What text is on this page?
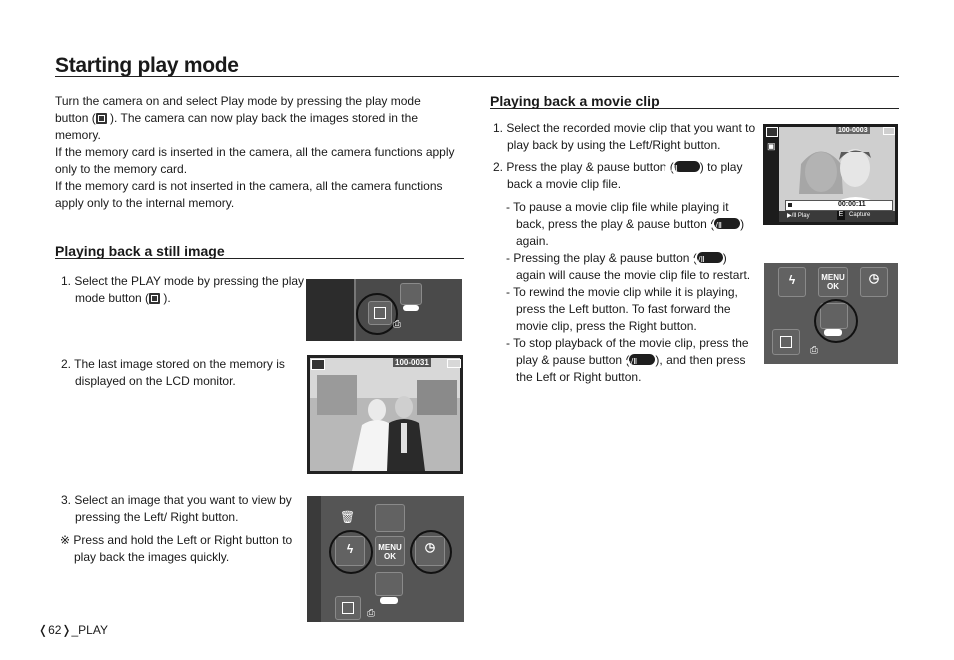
Starting play mode

Turn the camera on and select Play mode by pressing the play mode button ( ). The camera can now play back the images stored in the memory.

If the memory card is inserted in the camera, all the camera functions apply only to the memory card.

If the memory card is not inserted in the camera, all the camera functions apply only to the internal memory.

Playing back a still image

1. Select the PLAY mode by pressing the play mode button ( ).

2. The last image stored on the memory is displayed on the LCD monitor.

3. Select an image that you want to view by pressing the Left/ Right button.

※ Press and hold the Left or Right button to play back the images quickly.

⎙
100-0031
🗑
ϟ	MENU OK
◷
⎙
Playing back a movie clip

1. Select the recorded movie clip that you want to play back by using the Left/Right button.

2. Press the play & pause button ( ▶/Ⅱ ) to play back a movie clip file.

- To pause a movie clip file while playing it back, press the play & pause button ( ▶/Ⅱ ) again.

- Pressing the play & pause button ( ▶/Ⅱ ) again will cause the movie clip file to restart.

- To rewind the movie clip while it is playing, press the Left button. To fast forward the movie clip, press the Right button.

- To stop playback of the movie clip, press the play & pause button ( ▶/Ⅱ ), and then press the Left or Right button.

▣
100-0003
00:00:11
▶/Ⅱ Play	E Capture
ϟ	MENU OK
◷
⎙
❬62❭_PLAY
